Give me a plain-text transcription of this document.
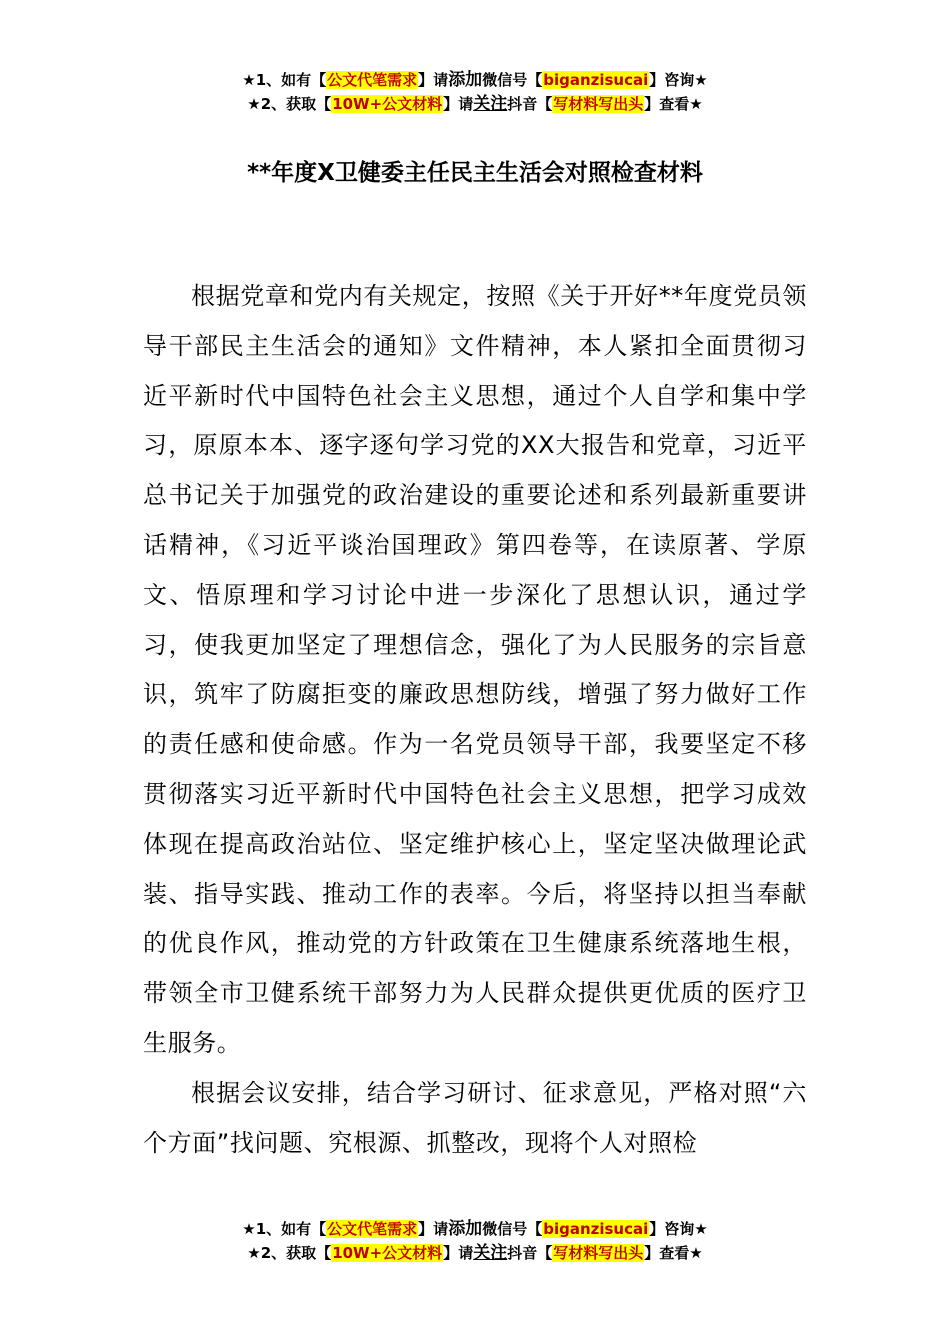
★1、如有【公文代笔需求】请添加微信号【biganzisucai】咨询★
★2、获取【10W+公文材料】请关注抖音【写材料写出头】查看★
**年度X卫健委主任民主生活会对照检查材料

根据党章和党内有关规定，按照《关于开好**年度党员领导干部民主生活会的通知》文件精神，本人紧扣全面贯彻习近平新时代中国特色社会主义思想，通过个人自学和集中学习，原原本本、逐字逐句学习党的XX大报告和党章，习近平总书记关于加强党的政治建设的重要论述和系列最新重要讲话精神，《习近平谈治国理政》第四卷等，在读原著、学原文、悟原理和学习讨论中进一步深化了思想认识，通过学习，使我更加坚定了理想信念，强化了为人民服务的宗旨意识，筑牢了防腐拒变的廉政思想防线，增强了努力做好工作的责任感和使命感。作为一名党员领导干部，我要坚定不移贯彻落实习近平新时代中国特色社会主义思想，把学习成效体现在提高政治站位、坚定维护核心上，坚定坚决做理论武装、指导实践、推动工作的表率。今后，将坚持以担当奉献的优良作风，推动党的方针政策在卫生健康系统落地生根，带领全市卫健系统干部努力为人民群众提供更优质的医疗卫生服务。

根据会议安排，结合学习研讨、征求意见，严格对照“六个方面”找问题、究根源、抓整改，现将个人对照检

★1、如有【公文代笔需求】请添加微信号【biganzisucai】咨询★
★2、获取【10W+公文材料】请关注抖音【写材料写出头】查看★
